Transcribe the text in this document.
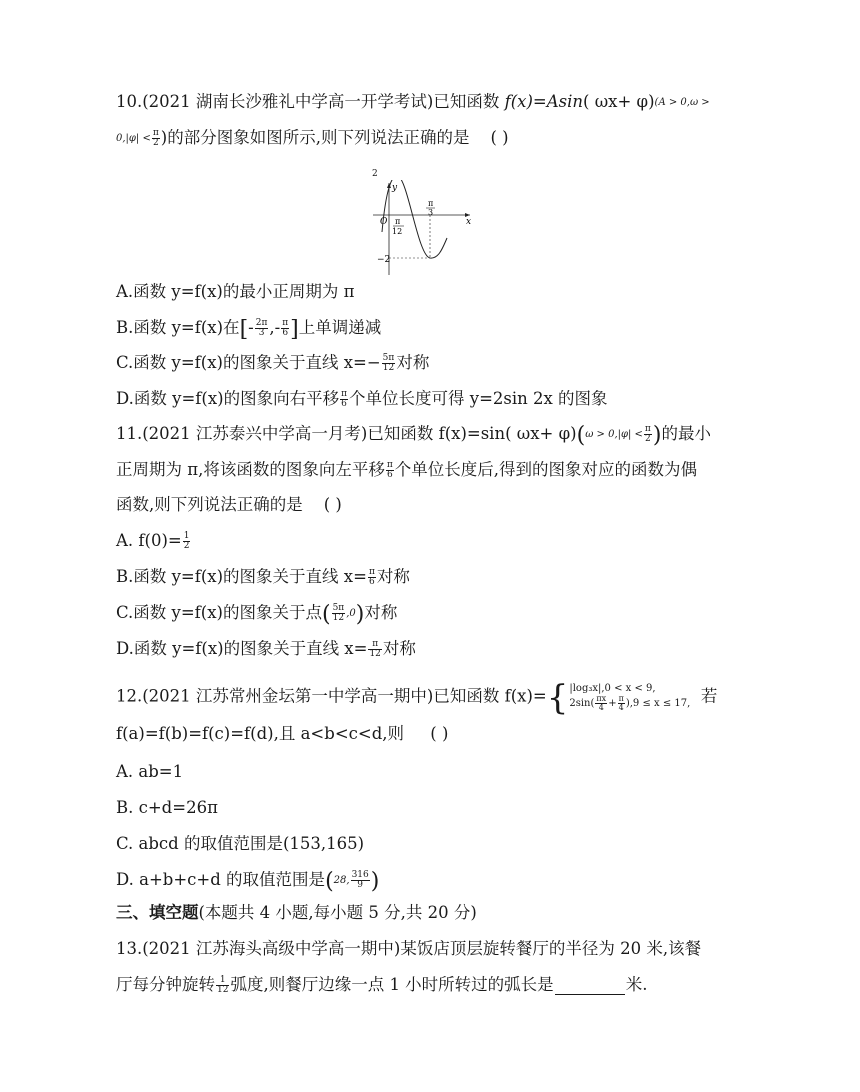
10.(2021 湖南长沙雅礼中学高一开学考试)已知函数 f(x)=Asin( ωx+ φ)(A > 0,ω >
$0,|\varphi| < \frac{\pi}{2}$ )的部分图象如图所示,则下列说法正确的是 ( )
y
x
O π
12
π
3
−2
2
A.函数 y=f(x)的最小正周期为 π
B.函数 y=f(x)在[- $\frac{2\pi}{3}$ ,- $\frac{\pi}{6}$ ]上单调递减
C.函数 y=f(x)的图象关于直线 $x=- \frac{5\pi}{12}$ 对称
D.函数 y=f(x)的图象向右平移 $\frac{\pi}{6}$ 个单位长度可得 y=2sin 2x 的图象
11.(2021 江苏泰兴中学高一月考)已知函数 f(x)=sin( $\omega x+ \varphi)(\omega > 0,|\varphi| < \frac{\pi}{2}$ )的最小
正周期为 π,将该函数的图象向左平移 $\frac{\pi}{6}$ 个单位长度后,得到的图象对应的函数为偶
函数,则下列说法正确的是 ( )
A. $f(0)= \frac{1}{2}$
B.函数 y=f(x)的图象关于直线 $x= \frac{\pi}{6}$ 对称
C.函数 y=f(x)的图象关于点( $\frac{5\pi}{12} ,0$)对称
D.函数 y=f(x)的图象关于直线 $x= \frac{\pi}{12}$ 对称
12.(2021 江苏常州金坛第一中学高一期中)已知函数 f(x)={ |log₃x|,0 < x < 9,
$2\sin( \frac{\pi x}{4} + \frac{\pi}{4} ),9 \le x \le 17$, 若
f(a)=f(b)=f(c)=f(d),且 a<b<c<d,则 ( )
A. ab=1
B. c+d=26π
C. abcd 的取值范围是(153,165)
D. a+b+c+d 的取值范围是(28, $\frac{316}{9}$ )
三、填空题(本题共 4 小题,每小题 5 分,共 20 分)
13.(2021 江苏海头高级中学高一期中)某饭店顶层旋转餐厅的半径为 20 米,该餐
厅每分钟旋转 $\frac{1}{12}$ 弧度,则餐厅边缘一点 1 小时所转过的弧长是	米.
